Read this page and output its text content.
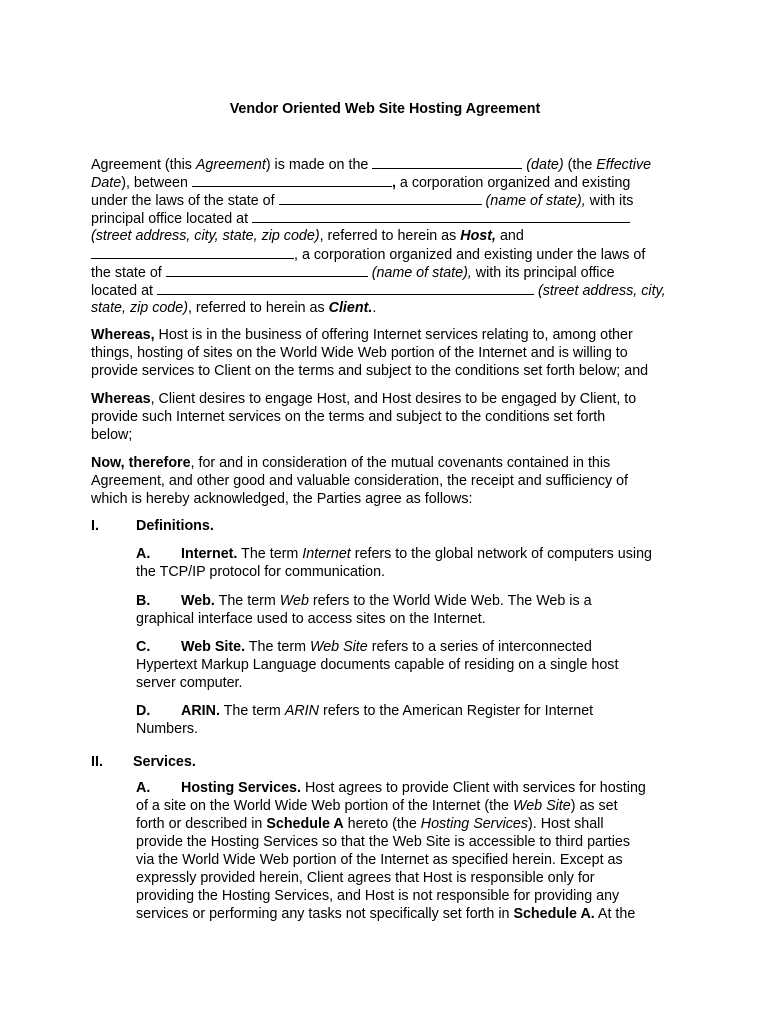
Vendor Oriented Web Site Hosting Agreement
Agreement (this Agreement) is made on the	(date) (the Effective
Date), between	, a corporation organized and existing
under the laws of the state of	(name of state), with its
principal office located at
(street address, city, state, zip code), referred to herein as Host, and
, a corporation organized and existing under the laws of
the state of	(name of state), with its principal office
located at	(street address, city,
state, zip code), referred to herein as Client..
Whereas, Host is in the business of offering Internet services relating to, among other
things, hosting of sites on the World Wide Web portion of the Internet and is willing to
provide services to Client on the terms and subject to the conditions set forth below; and
Whereas, Client desires to engage Host, and Host desires to be engaged by Client, to
provide such Internet services on the terms and subject to the conditions set forth
below;
Now, therefore, for and in consideration of the mutual covenants contained in this
Agreement, and other good and valuable consideration, the receipt and sufficiency of
which is hereby acknowledged, the Parties agree as follows:
I.	Definitions.
A. Internet. The term Internet refers to the global network of computers using
the TCP/IP protocol for communication.
B. Web. The term Web refers to the World Wide Web. The Web is a
graphical interface used to access sites on the Internet.
C. Web Site. The term Web Site refers to a series of interconnected
Hypertext Markup Language documents capable of residing on a single host
server computer.
D. ARIN. The term ARIN refers to the American Register for Internet
Numbers.
II. Services.
A. Hosting Services. Host agrees to provide Client with services for hosting
of a site on the World Wide Web portion of the Internet (the Web Site) as set
forth or described in Schedule A hereto (the Hosting Services). Host shall
provide the Hosting Services so that the Web Site is accessible to third parties
via the World Wide Web portion of the Internet as specified herein. Except as
expressly provided herein, Client agrees that Host is responsible only for
providing the Hosting Services, and Host is not responsible for providing any
services or performing any tasks not specifically set forth in Schedule A. At the
